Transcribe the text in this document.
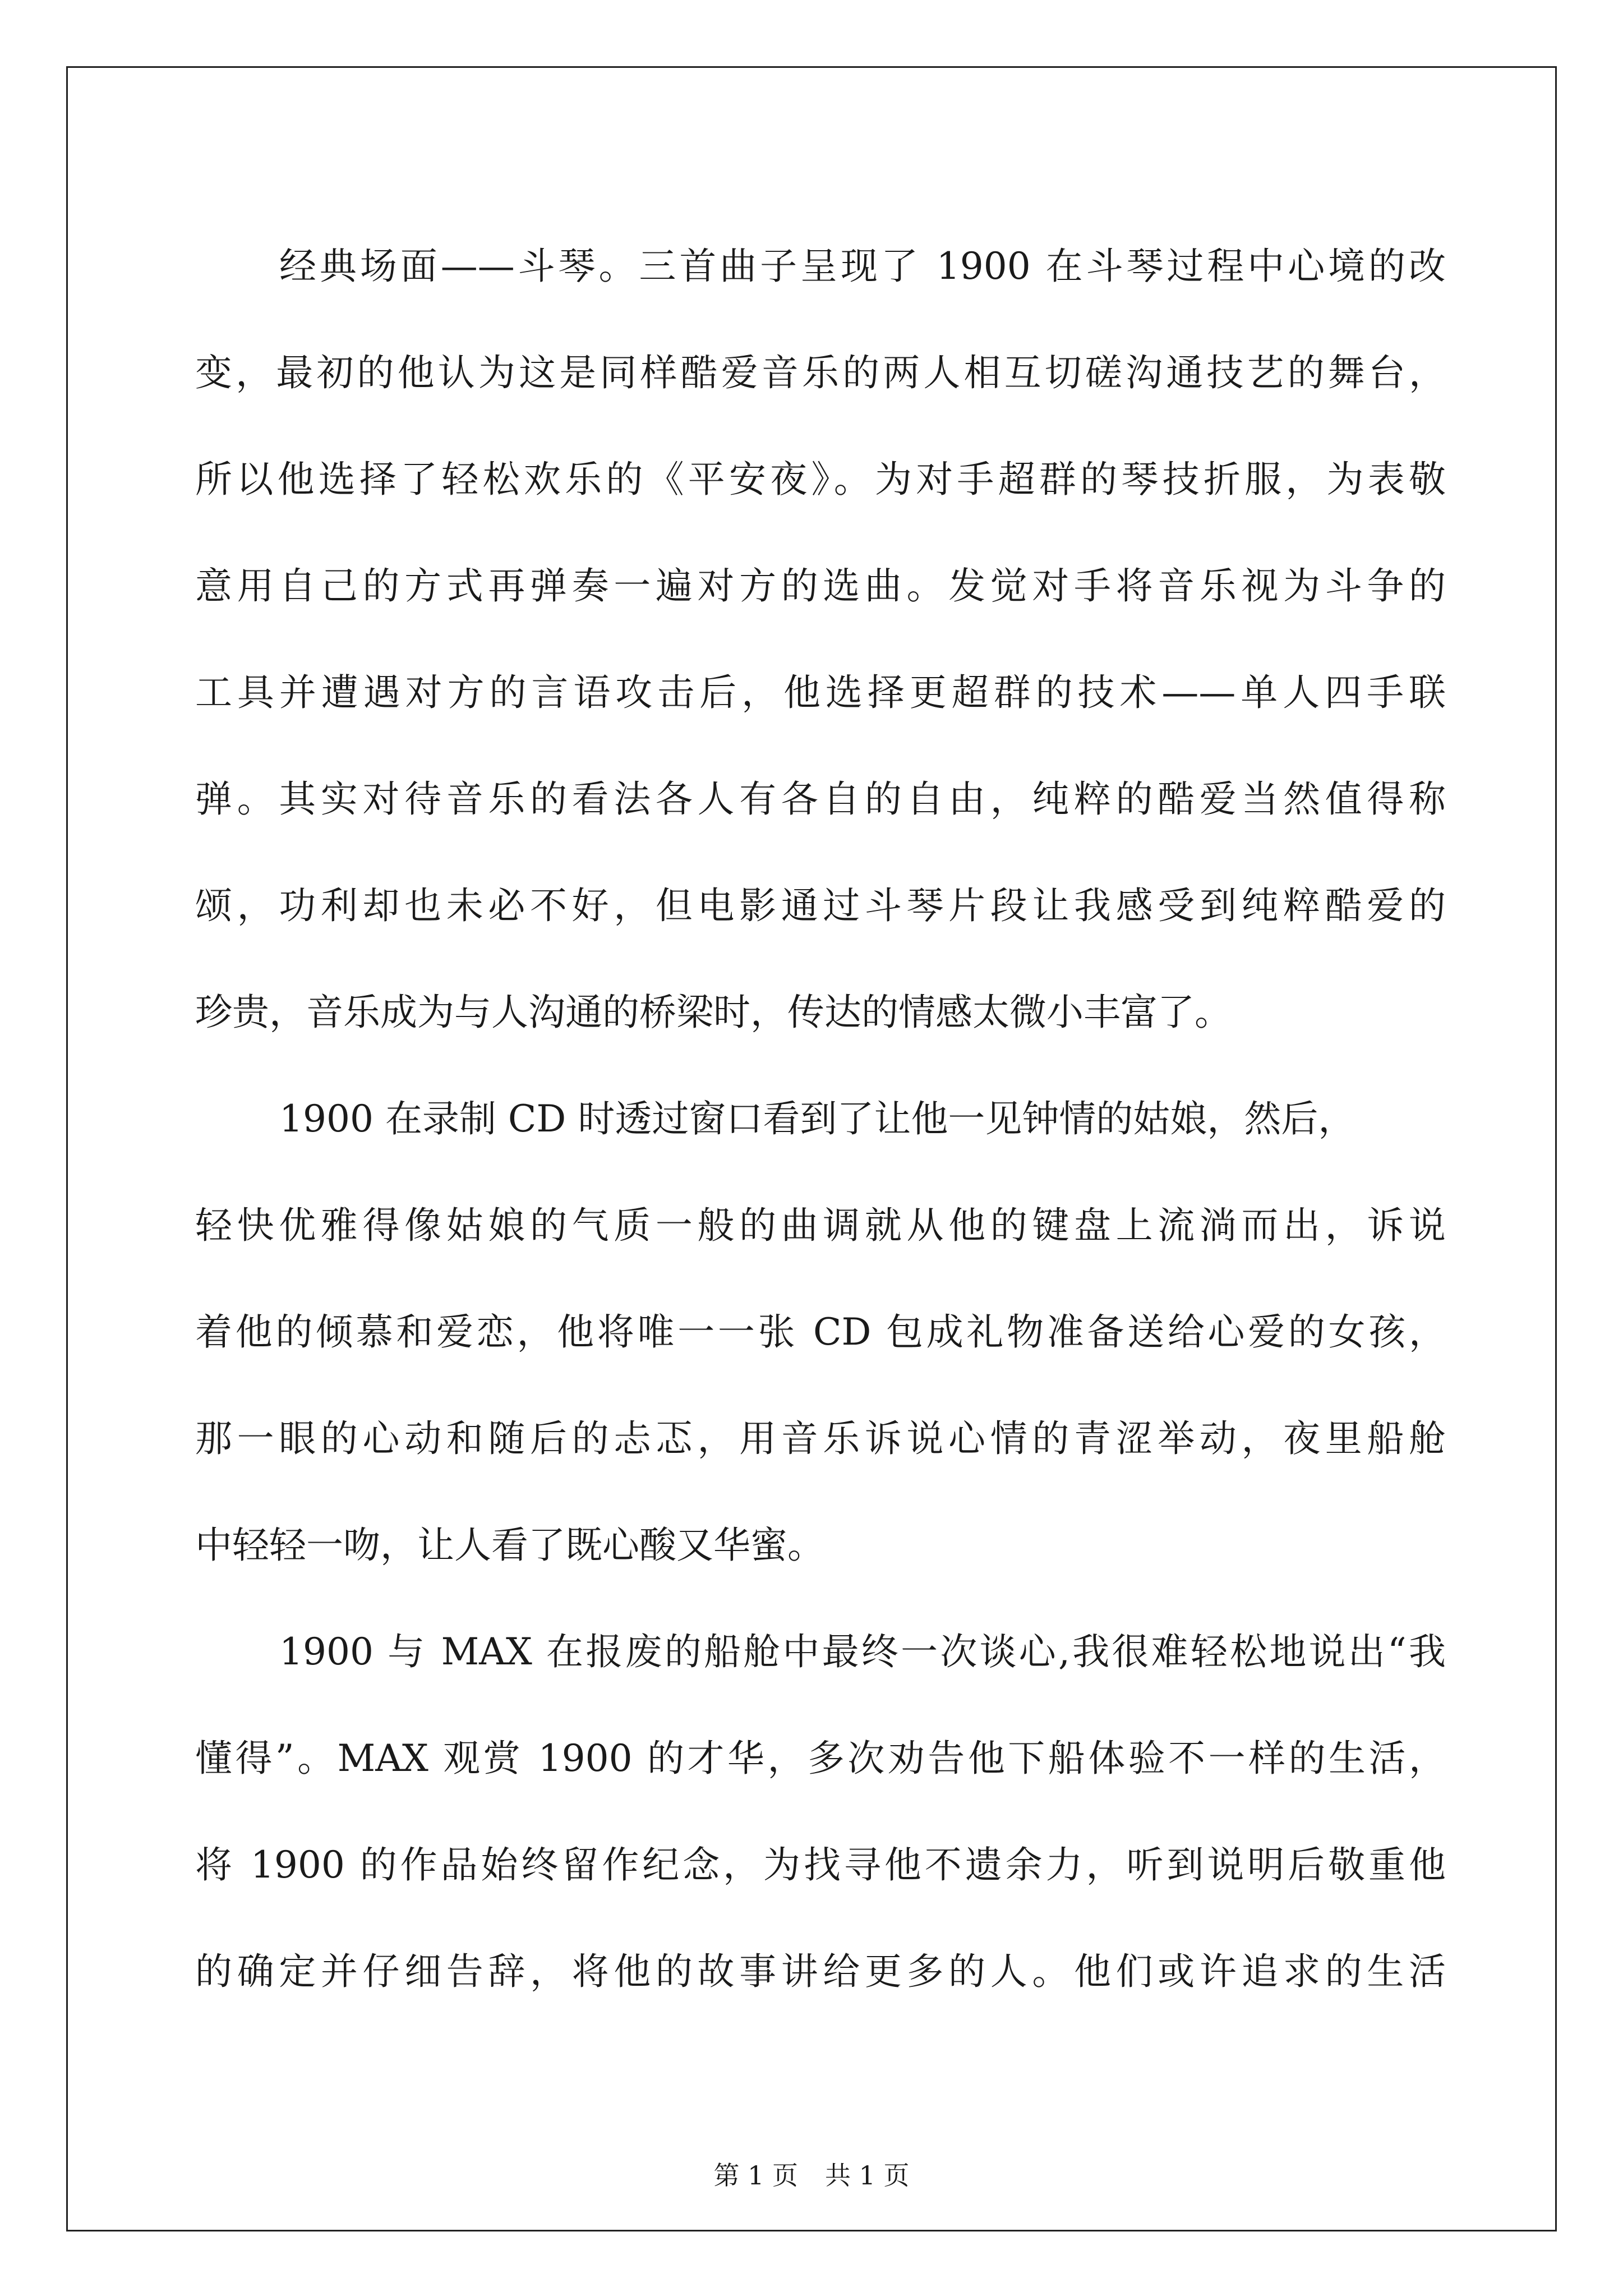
经典场面——斗琴。三首曲子呈现了 1900 在斗琴过程中心境的改
变，最初的他认为这是同样酷爱音乐的两人相互切磋沟通技艺的舞台，
所以他选择了轻松欢乐的《平安夜》。为对手超群的琴技折服，为表敬
意用自己的方式再弹奏一遍对方的选曲。发觉对手将音乐视为斗争的
工具并遭遇对方的言语攻击后，他选择更超群的技术——单人四手联
弹。其实对待音乐的看法各人有各自的自由，纯粹的酷爱当然值得称
颂，功利却也未必不好，但电影通过斗琴片段让我感受到纯粹酷爱的
珍贵，音乐成为与人沟通的桥梁时，传达的情感太微小丰富了。
1900 在录制 CD 时透过窗口看到了让他一见钟情的姑娘，然后，
轻快优雅得像姑娘的气质一般的曲调就从他的键盘上流淌而出，诉说
着他的倾慕和爱恋，他将唯一一张 CD 包成礼物准备送给心爱的女孩，
那一眼的心动和随后的忐忑，用音乐诉说心情的青涩举动，夜里船舱
中轻轻一吻，让人看了既心酸又华蜜。
1900 与 MAX 在报废的船舱中最终一次谈心,我很难轻松地说出“我
懂得”。MAX 观赏 1900 的才华，多次劝告他下船体验不一样的生活，
将 1900 的作品始终留作纪念，为找寻他不遗余力，听到说明后敬重他
的确定并仔细告辞，将他的故事讲给更多的人。他们或许追求的生活
第 1 页 共 1 页
